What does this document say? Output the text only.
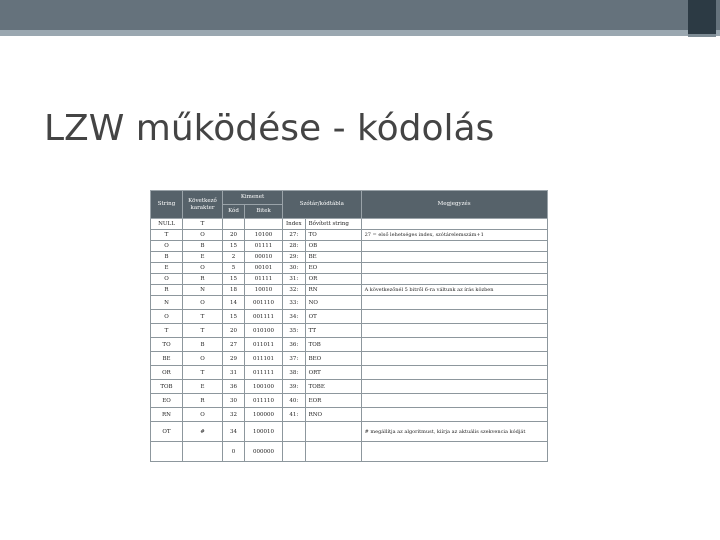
LZW működése - kódolás
String	Következő karakter	Kimenet		Szótár/kódtábla		Megjegyzés
		Kód	Bitek			
NULL	T			Index	Bővített string	
T	O	20	10100	27:	TO	27 = első lehetséges index, szótárelemszám+1
O	B	15	01111	28:	OB	
B	E	2	00010	29:	BE	
E	O	5	00101	30:	EO	
O	R	15	01111	31:	OR	
R	N	18	10010	32:	RN	A következőnél 5 bitről 6-ra váltunk az írás közben
N	O	14	001110	33:	NO	
O	T	15	001111	34:	OT	
T	T	20	010100	35:	TT	
TO	B	27	011011	36:	TOB	
BE	O	29	011101	37:	BEO	
OR	T	31	011111	38:	ORT	
TOB	E	36	100100	39:	TOBE	
EO	R	30	011110	40:	EOR	
RN	O	32	100000	41:	RNO	
OT	#	34	100010			# megállítja az algoritmust, kiírja az aktuális szekvencia kódját
		0	000000			
